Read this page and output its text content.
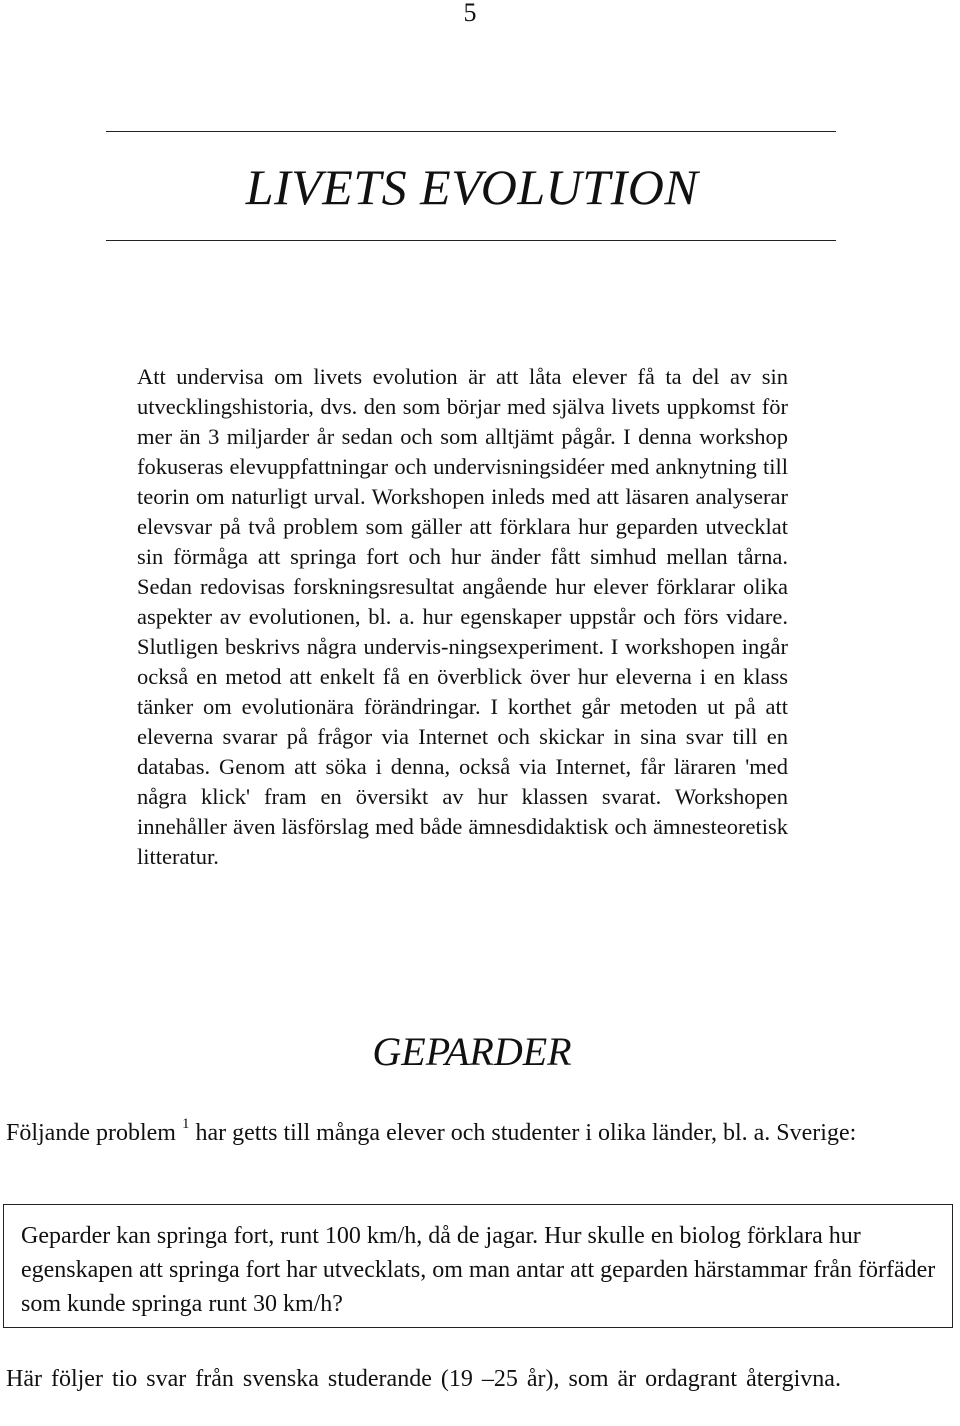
5
LIVETS EVOLUTION

Att undervisa om livets evolution är att låta elever få ta del av sin utvecklingshistoria, dvs. den som börjar med själva livets uppkomst för mer än 3 miljarder år sedan och som alltjämt pågår. I denna workshop fokuseras elevuppfattningar och undervisningsidéer med anknytning till teorin om naturligt urval. Workshopen inleds med att läsaren analyserar elevsvar på två problem som gäller att förklara hur geparden utvecklat sin förmåga att springa fort och hur änder fått simhud mellan tårna. Sedan redovisas forskningsresultat angående hur elever förklarar olika aspekter av evolutionen, bl. a. hur egenskaper uppstår och förs vidare. Slutligen beskrivs några undervis-ningsexperiment. I workshopen ingår också en metod att enkelt få en överblick över hur eleverna i en klass tänker om evolutionära förändringar. I korthet går metoden ut på att eleverna svarar på frågor via Internet och skickar in sina svar till en databas. Genom att söka i denna, också via Internet, får läraren 'med några klick' fram en översikt av hur klassen svarat. Workshopen innehåller även läsförslag med både ämnesdidaktisk och ämnesteoretisk litteratur.

GEPARDER

Följande problem $^1$ har getts till många elever och studenter i olika länder, bl. a. Sverige:

Geparder kan springa fort, runt 100 km/h, då de jagar. Hur skulle en biolog förklara hur egenskapen att springa fort har utvecklats, om man antar att geparden härstammar från förfäder som kunde springa runt 30 km/h?

Här följer tio svar från svenska studerande (19 –25 år), som är ordagrant återgivna.
